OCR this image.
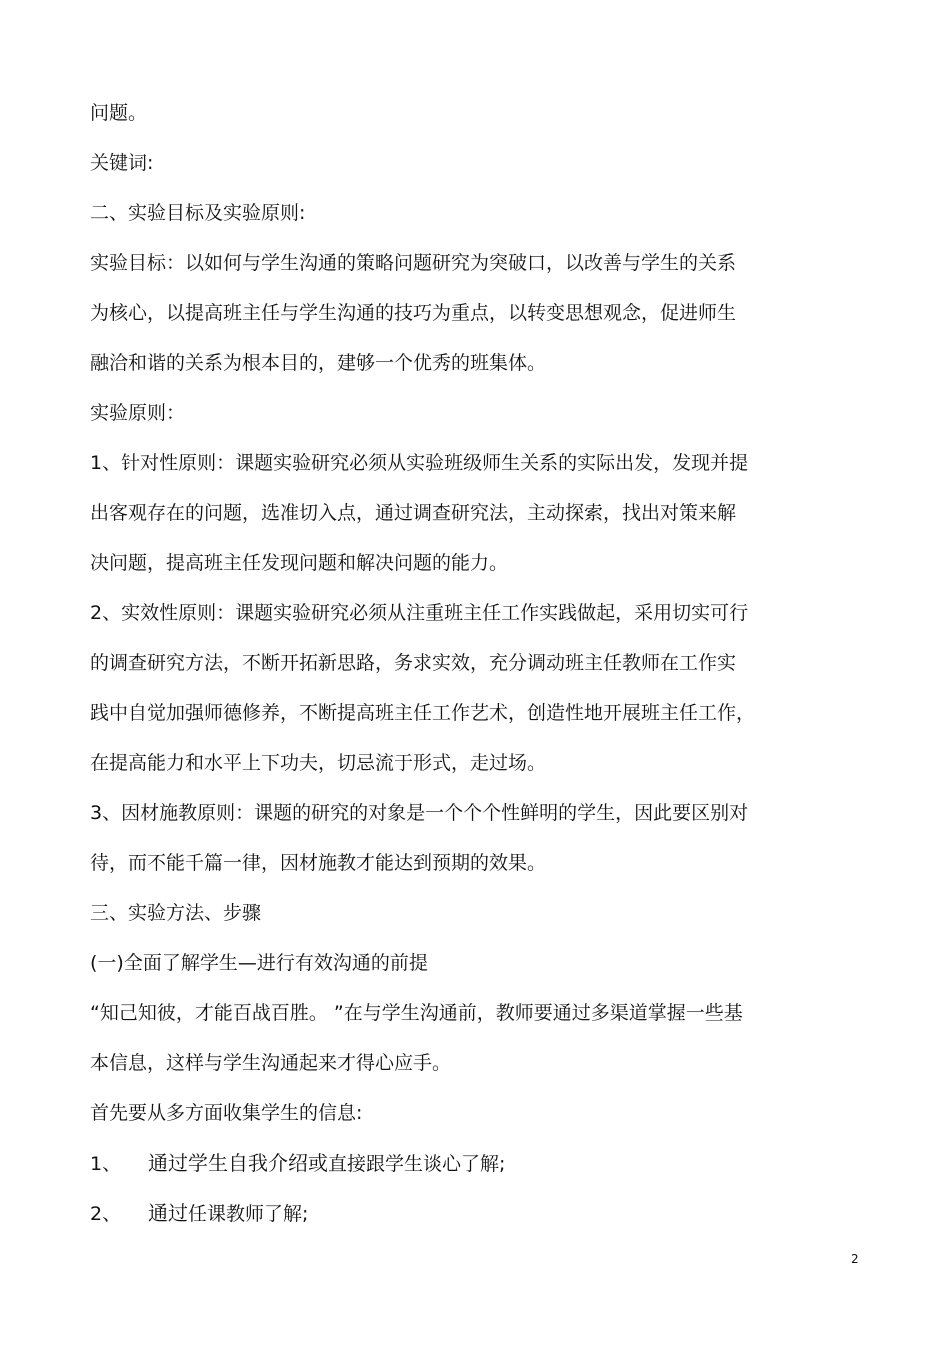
问题。
关键词:
二、实验目标及实验原则:
实验目标：以如何与学生沟通的策略问题研究为突破口，以改善与学生的关系
为核心，以提高班主任与学生沟通的技巧为重点，以转变思想观念，促进师生
融洽和谐的关系为根本目的，建够一个优秀的班集体。
实验原则：
1、针对性原则：课题实验研究必须从实验班级师生关系的实际出发，发现并提
出客观存在的问题，选准切入点，通过调查研究法，主动探索，找出对策来解
决问题，提高班主任发现问题和解决问题的能力。
2、实效性原则：课题实验研究必须从注重班主任工作实践做起，采用切实可行
的调查研究方法，不断开拓新思路，务求实效，充分调动班主任教师在工作实
践中自觉加强师德修养，不断提高班主任工作艺术，创造性地开展班主任工作，
在提高能力和水平上下功夫，切忌流于形式，走过场。
3、因材施教原则：课题的研究的对象是一个个个性鲜明的学生，因此要区别对
待，而不能千篇一律，因材施教才能达到预期的效果。
三、实验方法、步骤
(一)全面了解学生—进行有效沟通的前提
“知己知彼，才能百战百胜。 ”在与学生沟通前，教师要通过多渠道掌握一些基
本信息，这样与学生沟通起来才得心应手。
首先要从多方面收集学生的信息:
1、 通过学生自我介绍或直接跟学生谈心了解;
2、 通过任课教师了解;
2
